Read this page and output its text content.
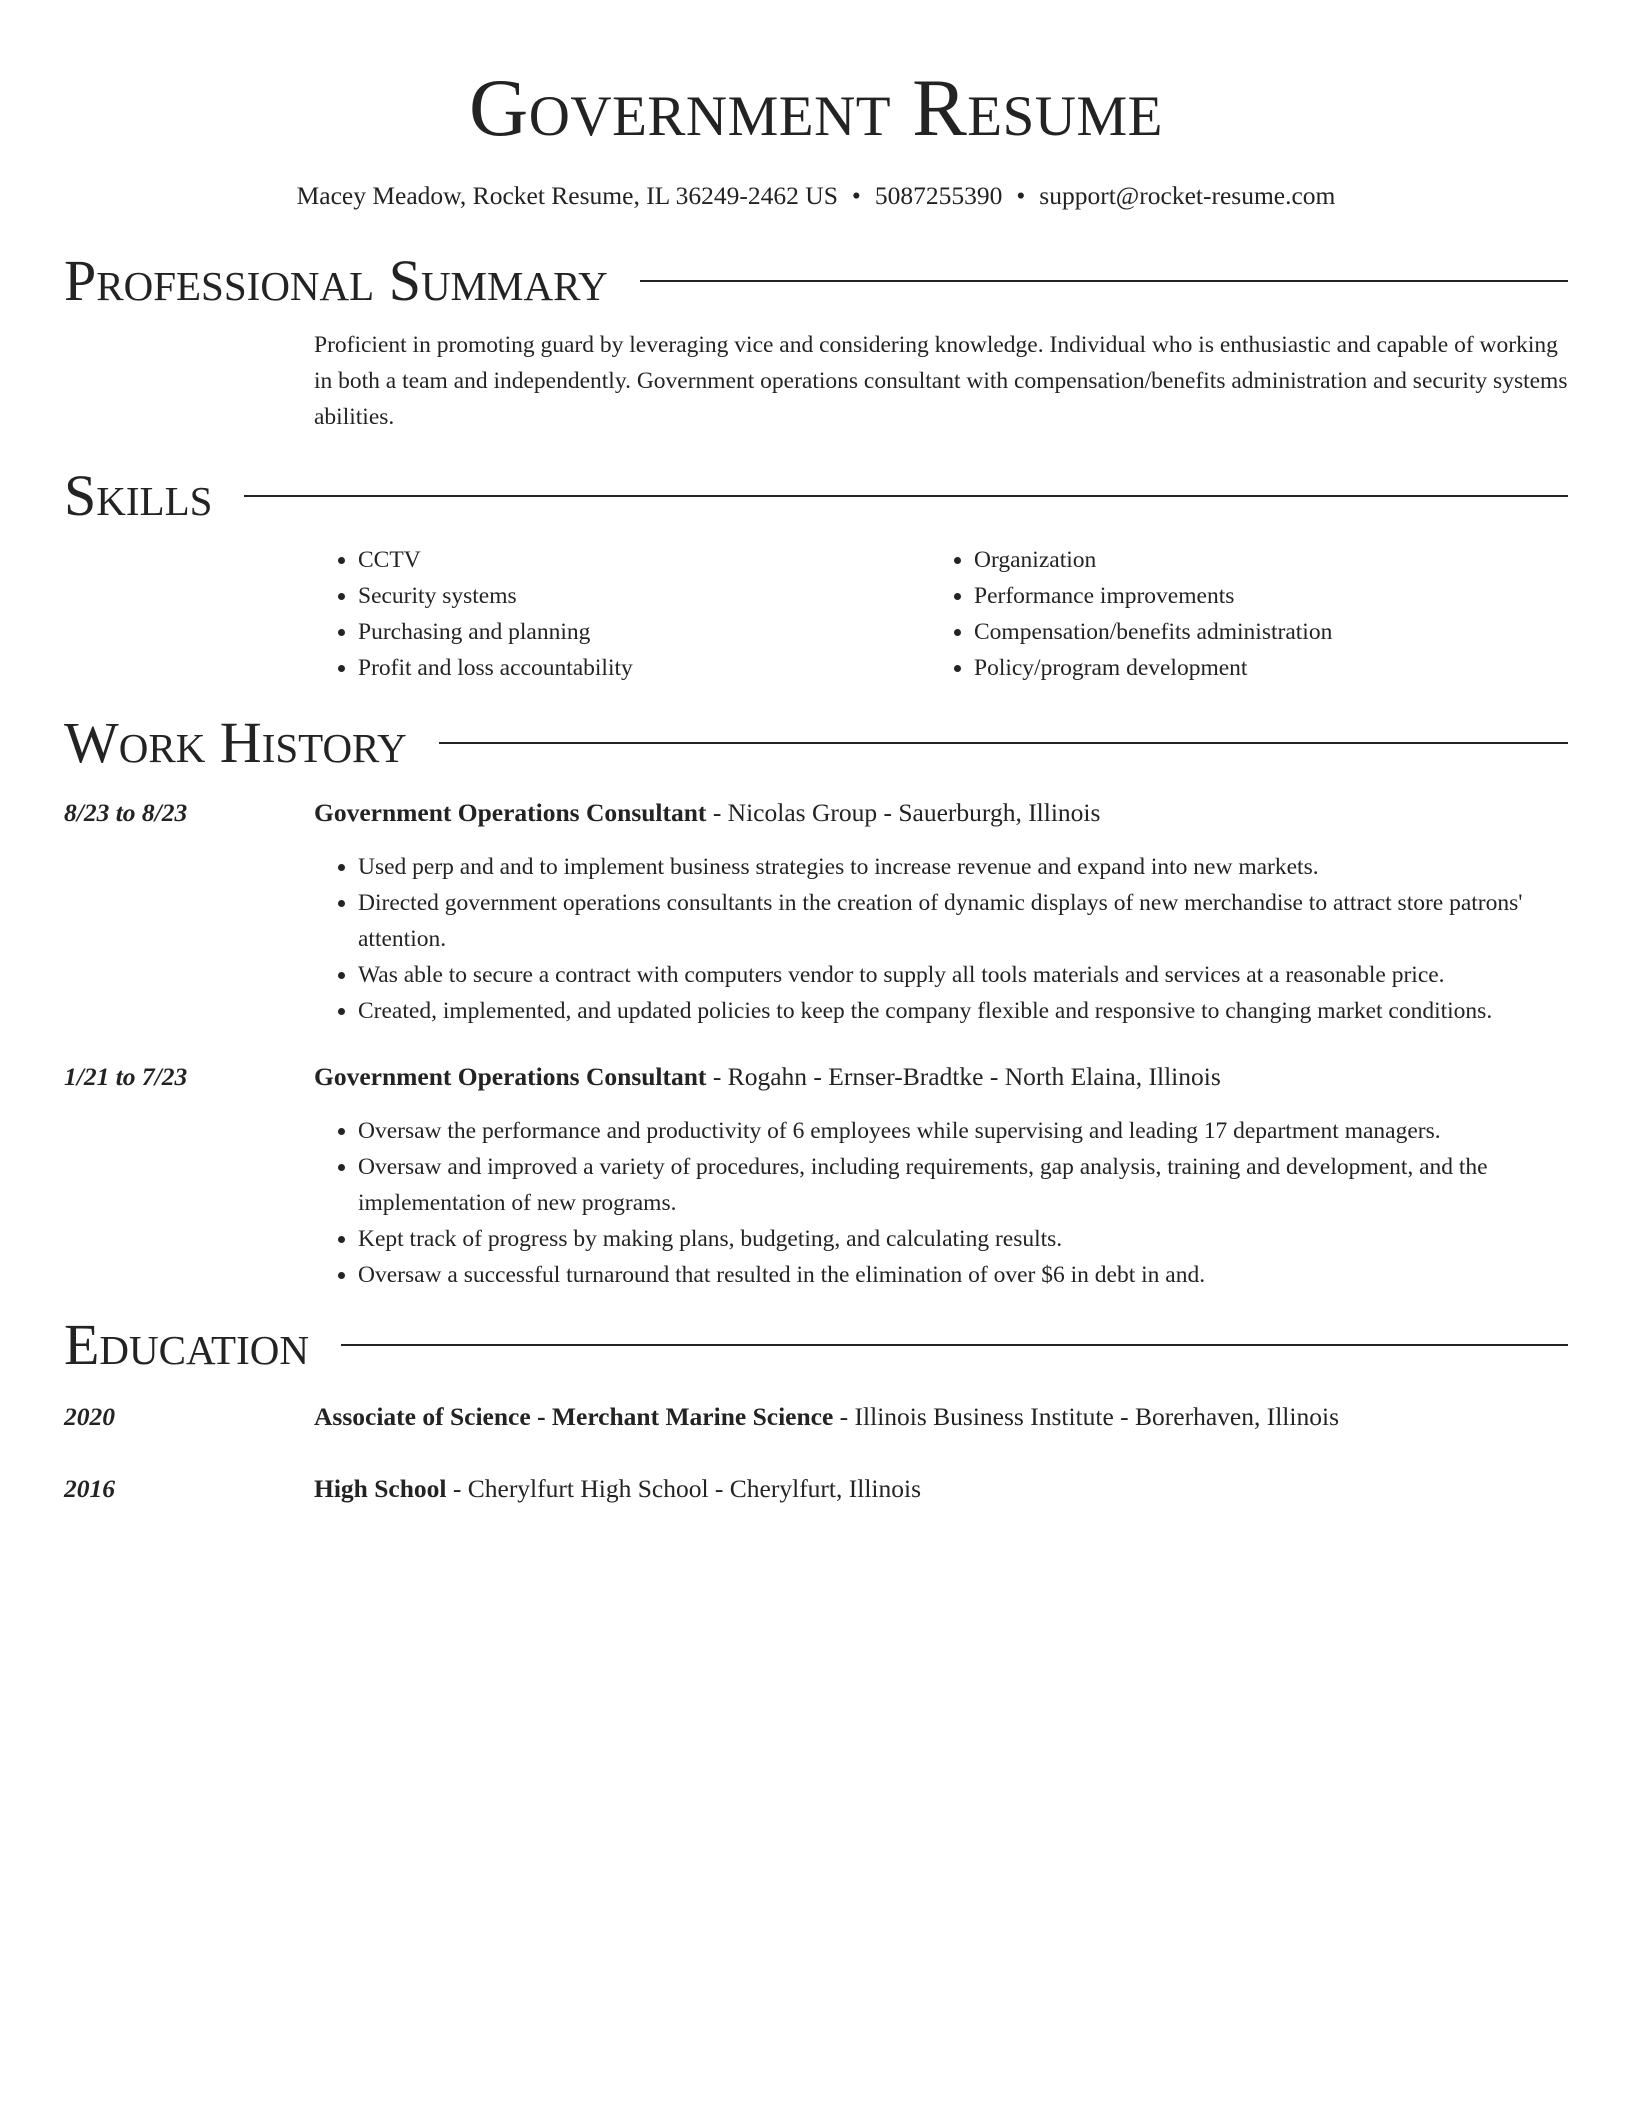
Government Resume
Macey Meadow, Rocket Resume, IL 36249-2462 US • 5087255390 • support@rocket-resume.com
Professional Summary

Proficient in promoting guard by leveraging vice and considering knowledge. Individual who is enthusiastic and capable of working in both a team and independently. Government operations consultant with compensation/benefits administration and security systems abilities.

Skills
• CCTV
• Security systems
• Purchasing and planning
• Profit and loss accountability
• Organization
• Performance improvements
• Compensation/benefits administration
• Policy/program development
Work History
8/23 to 8/23	Government Operations Consultant - Nicolas Group - Sauerburgh, Illinois
• Used perp and and to implement business strategies to increase revenue and expand into new markets.
• Directed government operations consultants in the creation of dynamic displays of new merchandise to attract store patrons' attention.
• Was able to secure a contract with computers vendor to supply all tools materials and services at a reasonable price.
• Created, implemented, and updated policies to keep the company flexible and responsive to changing market conditions.
1/21 to 7/23	Government Operations Consultant - Rogahn - Ernser-Bradtke - North Elaina, Illinois
• Oversaw the performance and productivity of 6 employees while supervising and leading 17 department managers.
• Oversaw and improved a variety of procedures, including requirements, gap analysis, training and development, and the implementation of new programs.
• Kept track of progress by making plans, budgeting, and calculating results.
• Oversaw a successful turnaround that resulted in the elimination of over $6 in debt in and.
Education
2020	Associate of Science - Merchant Marine Science - Illinois Business Institute - Borerhaven, Illinois
2016	High School - Cherylfurt High School - Cherylfurt, Illinois
